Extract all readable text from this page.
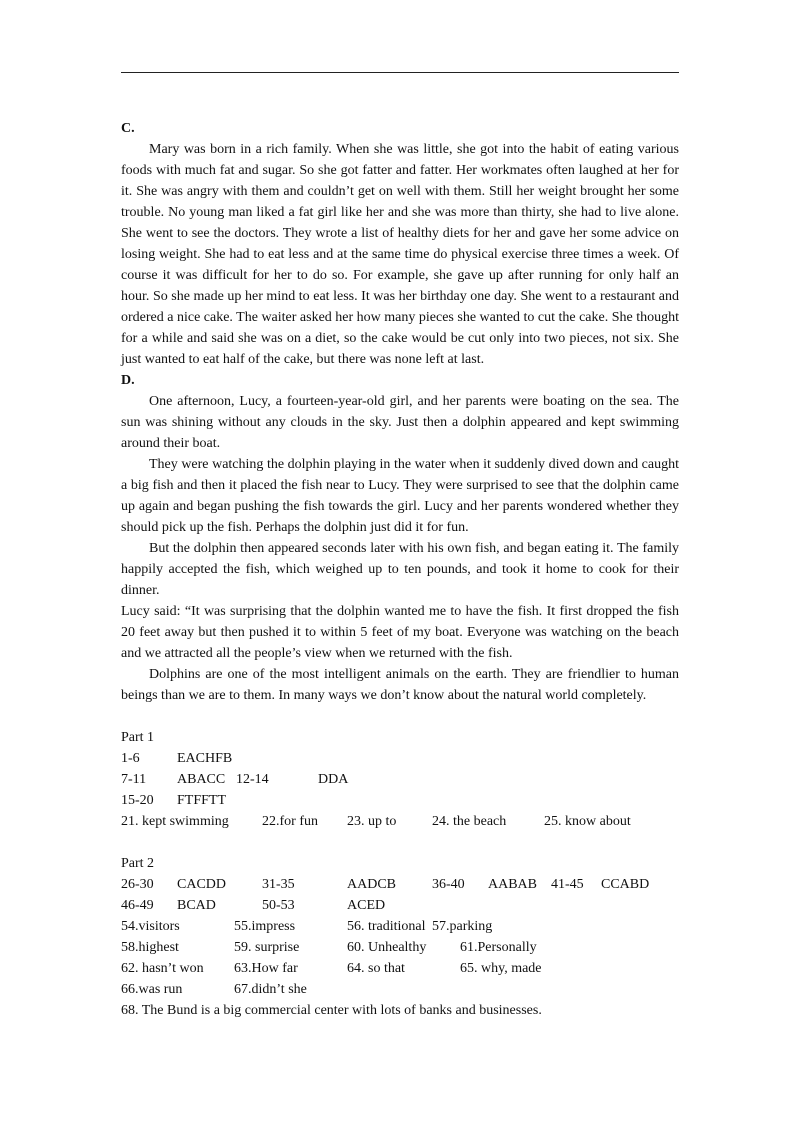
C.

Mary was born in a rich family. When she was little, she got into the habit of eating various foods with much fat and sugar. So she got fatter and fatter. Her workmates often laughed at her for it. She was angry with them and couldn’t get on well with them. Still her weight brought her some trouble. No young man liked a fat girl like her and she was more than thirty, she had to live alone. She went to see the doctors. They wrote a list of healthy diets for her and gave her some advice on losing weight. She had to eat less and at the same time do physical exercise three times a week. Of course it was difficult for her to do so. For example, she gave up after running for only half an hour. So she made up her mind to eat less. It was her birthday one day. She went to a restaurant and ordered a nice cake. The waiter asked her how many pieces she wanted to cut the cake. She thought for a while and said she was on a diet, so the cake would be cut only into two pieces, not six. She just wanted to eat half of the cake, but there was none left at last.

D.

One afternoon, Lucy, a fourteen-year-old girl, and her parents were boating on the sea. The sun was shining without any clouds in the sky. Just then a dolphin appeared and kept swimming around their boat.

They were watching the dolphin playing in the water when it suddenly dived down and caught a big fish and then it placed the fish near to Lucy. They were surprised to see that the dolphin came up again and began pushing the fish towards the girl. Lucy and her parents wondered whether they should pick up the fish. Perhaps the dolphin just did it for fun.

But the dolphin then appeared seconds later with his own fish, and began eating it. The family happily accepted the fish, which weighed up to ten pounds, and took it home to cook for their dinner.

Lucy said: “It was surprising that the dolphin wanted me to have the fish. It first dropped the fish 20 feet away but then pushed it to within 5 feet of my boat. Everyone was watching on the beach and we attracted all the people’s view when we returned with the fish.

Dolphins are one of the most intelligent animals on the earth. They are friendlier to human beings than we are to them. In many ways we don’t know about the natural world completely.

Part 1
1-6	EACHFB
7-11 ABACC 12-14	DDA
15-20 FTFFTT
21. kept swimming 22.for fun 23. up to	24. the beach	25. know about
Part 2
26-30 CACDD	31-35	AADCB	36-40 AABAB 41-45 CCABD
46-49 BCAD	50-53	ACED
54.visitors	55.impress	56. traditional 57.parking
58.highest	59. surprise	60. Unhealthy 61.Personally
62. hasn’t won 63.How far	64. so that	65. why, made
66.was run	67.didn’t she
68. The Bund is a big commercial center with lots of banks and businesses.
